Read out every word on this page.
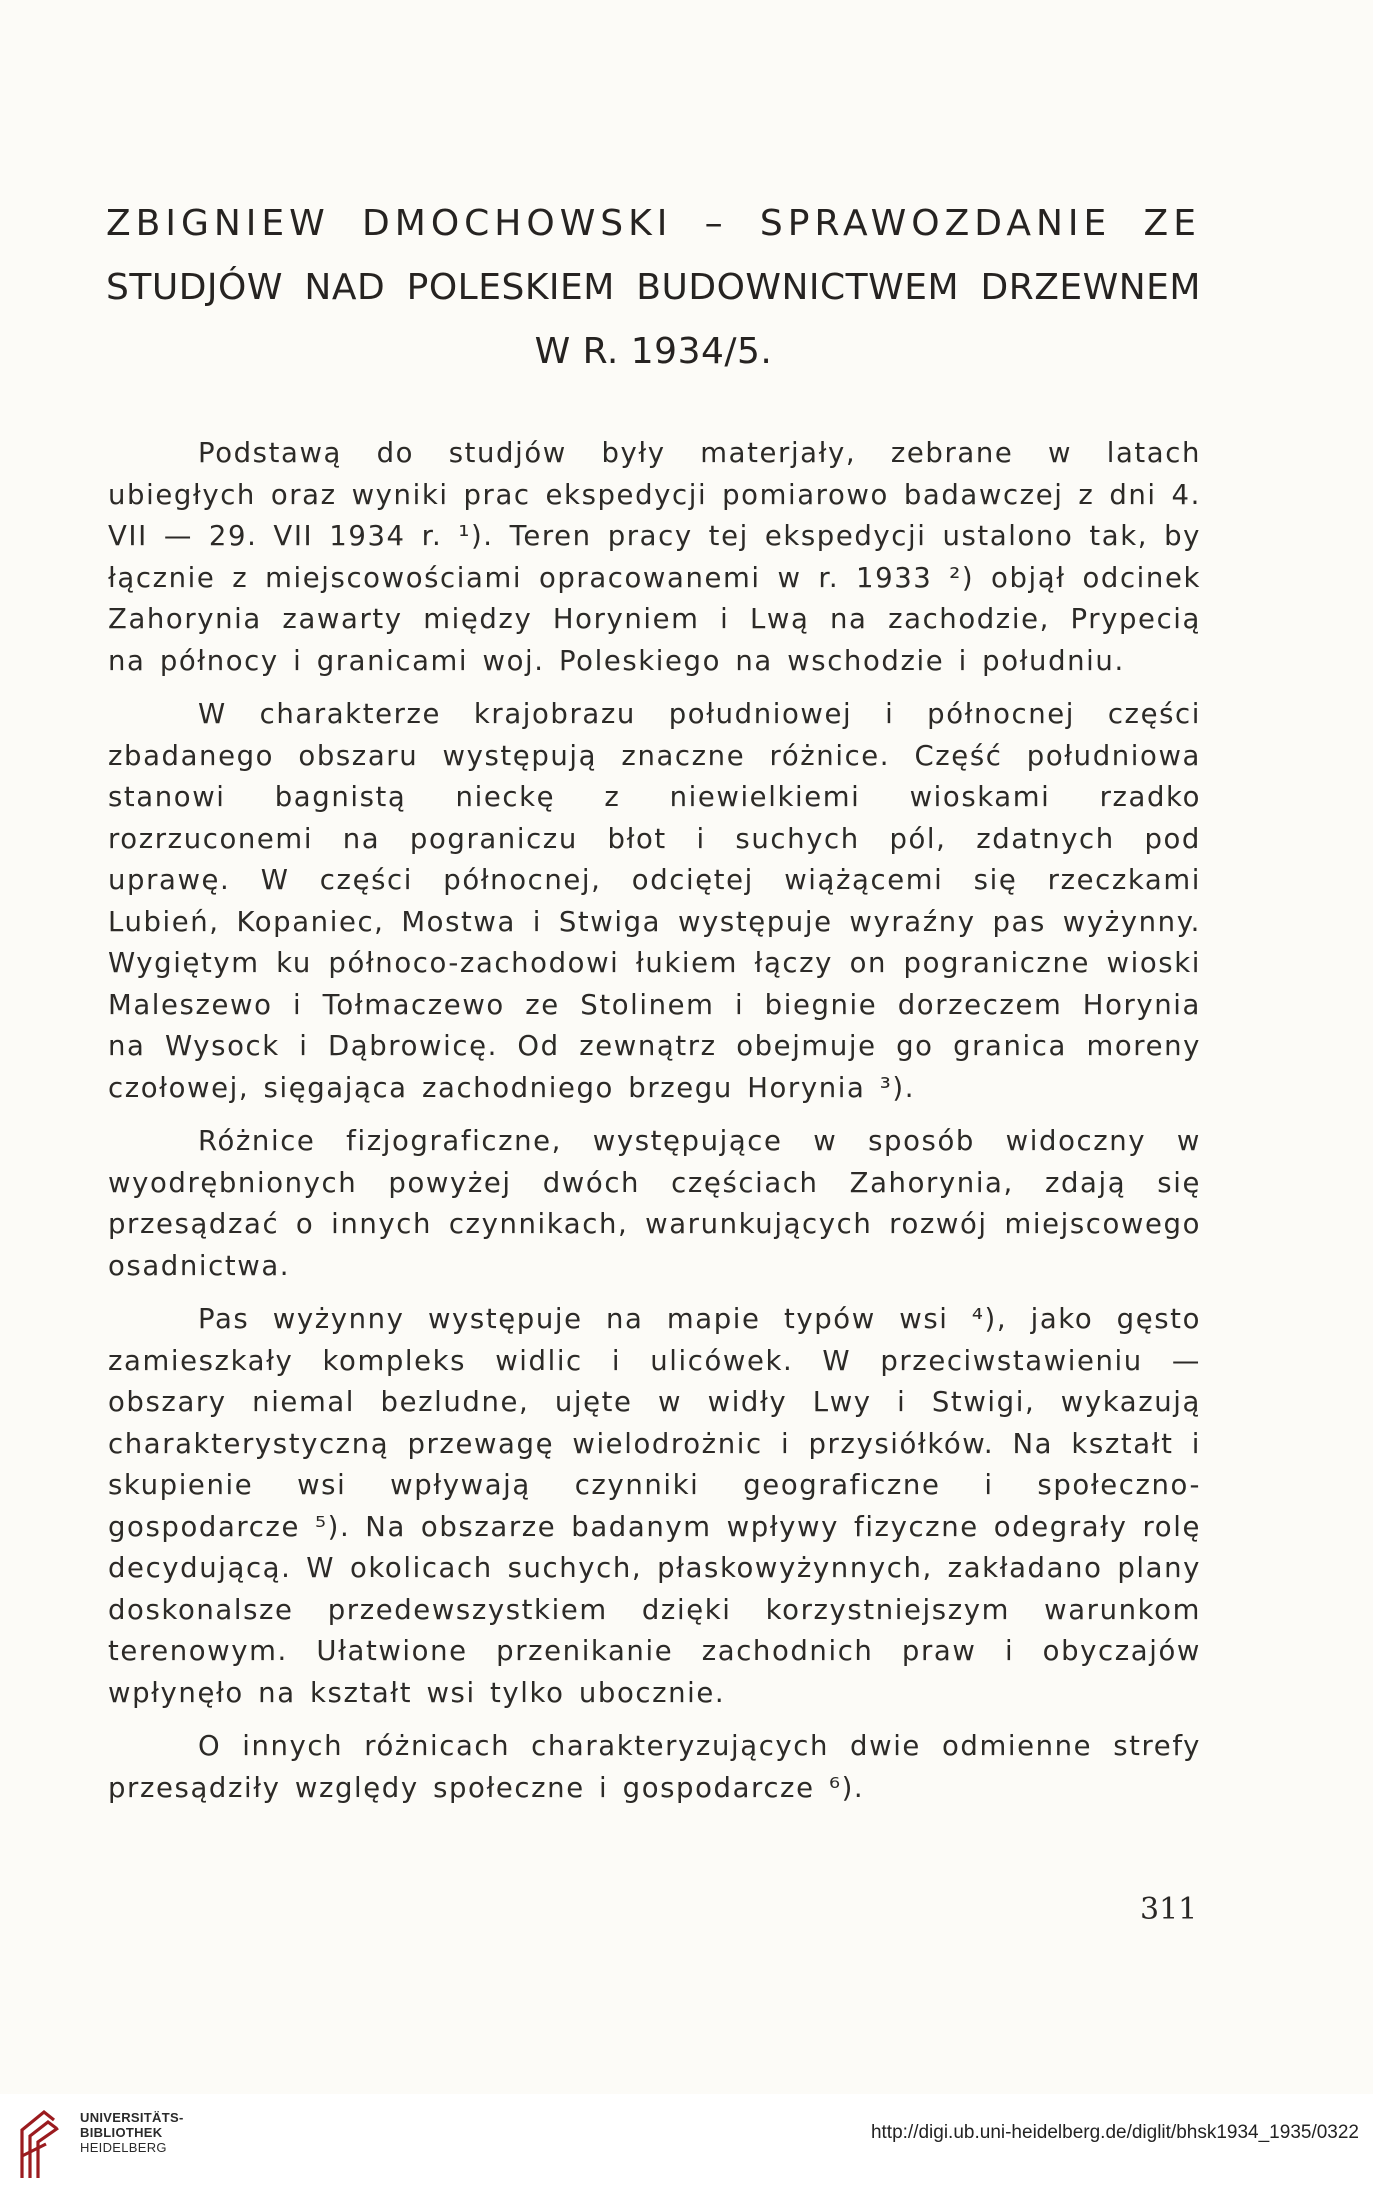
ZBIGNIEW DMOCHOWSKI – SPRAWOZDANIE ZE
STUDJÓW NAD POLESKIEM BUDOWNICTWEM DRZEWNEM
W R. 1934/5.

Podstawą do studjów były materjały, zebrane w latach ubiegłych oraz wyniki prac ekspedycji pomiarowo badawczej z dni 4. VII — 29. VII 1934 r. ¹). Teren pracy tej ekspedycji ustalono tak, by łącznie z miejscowościami opracowanemi w r. 1933 ²) objął odcinek Zahorynia zawarty między Horyniem i Lwą na zachodzie, Prypecią na północy i granicami woj. Poleskiego na wschodzie i południu.

W charakterze krajobrazu południowej i północnej części zbadanego obszaru występują znaczne różnice. Część południowa stanowi bagnistą nieckę z niewielkiemi wioskami rzadko rozrzuconemi na pograniczu błot i suchych pól, zdatnych pod uprawę. W części północnej, odciętej wiążącemi się rzeczkami Lubień, Kopaniec, Mostwa i Stwiga występuje wyraźny pas wyżynny. Wygiętym ku północo-zachodowi łukiem łączy on pograniczne wioski Maleszewo i Tołmaczewo ze Stolinem i biegnie dorzeczem Horynia na Wysock i Dąbrowicę. Od zewnątrz obejmuje go granica moreny czołowej, sięgająca zachodniego brzegu Horynia ³).

Różnice fizjograficzne, występujące w sposób widoczny w wyodrębnionych powyżej dwóch częściach Zahorynia, zdają się przesądzać o innych czynnikach, warunkujących rozwój miejscowego osadnictwa.

Pas wyżynny występuje na mapie typów wsi ⁴), jako gęsto zamieszkały kompleks widlic i ulicówek. W przeciwstawieniu — obszary niemal bezludne, ujęte w widły Lwy i Stwigi, wykazują charakterystyczną przewagę wielodrożnic i przysiółków. Na kształt i skupienie wsi wpływają czynniki geograficzne i społeczno-gospodarcze ⁵). Na obszarze badanym wpływy fizyczne odegrały rolę decydującą. W okolicach suchych, płaskowyżynnych, zakładano plany doskonalsze przedewszystkiem dzięki korzystniejszym warunkom terenowym. Ułatwione przenikanie zachodnich praw i obyczajów wpłynęło na kształt wsi tylko ubocznie.

O innych różnicach charakteryzujących dwie odmienne strefy przesądziły względy społeczne i gospodarcze ⁶).

311
UNIVERSITÄTS-
BIBLIOTHEK
HEIDELBERG
http://digi.ub.uni-heidelberg.de/diglit/bhsk1934_1935/0322
